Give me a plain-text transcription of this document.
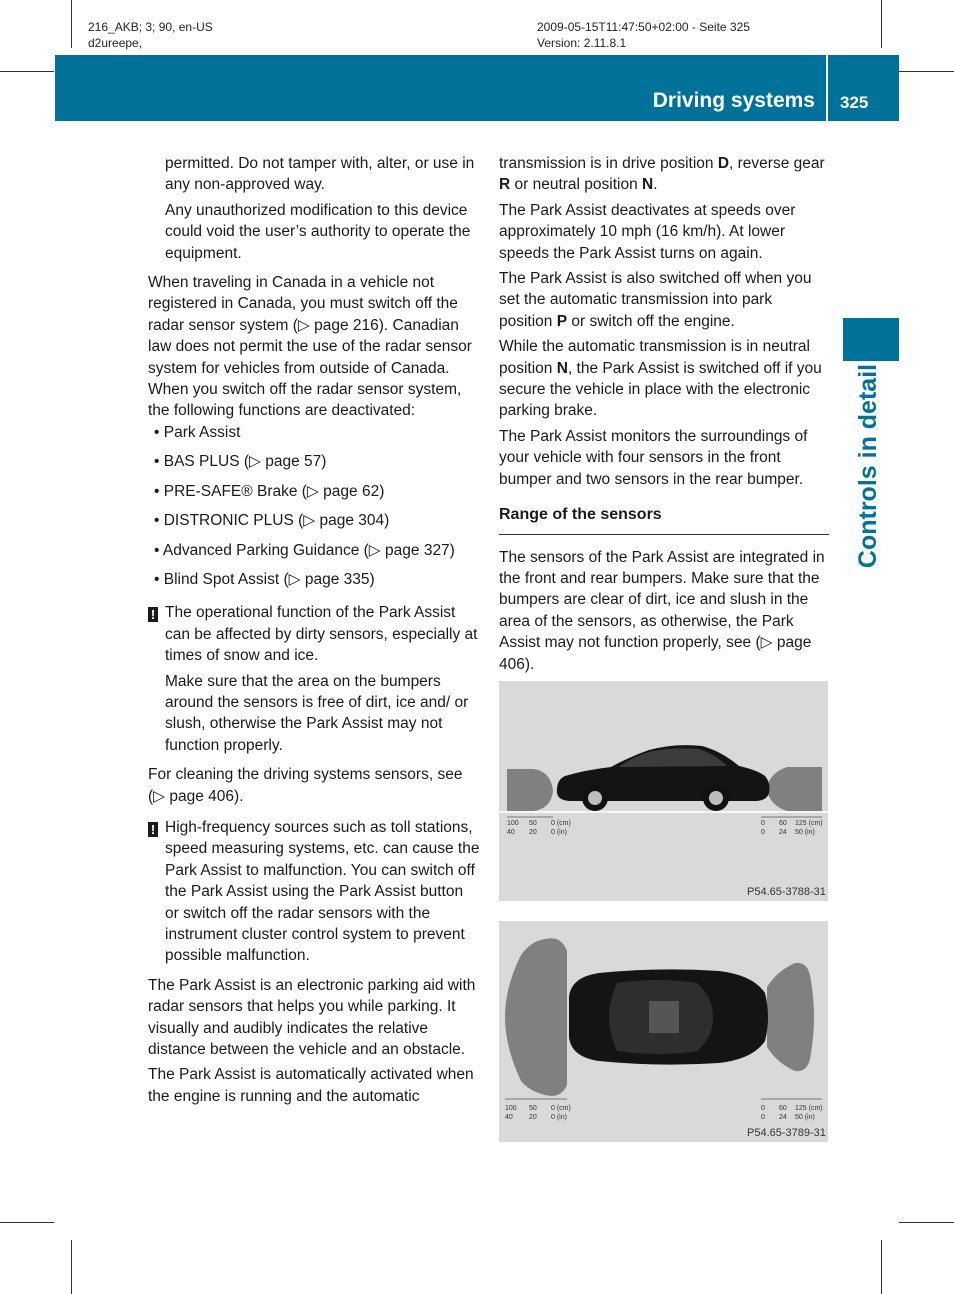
216_AKB; 3; 90, en-US
d2ureepe,
2009-05-15T11:47:50+02:00 - Seite 325
Version: 2.11.8.1
Driving systems 325
Controls in detail

permitted. Do not tamper with, alter, or use in any non-approved way.

Any unauthorized modification to this device could void the user’s authority to operate the equipment.

When traveling in Canada in a vehicle not registered in Canada, you must switch off the radar sensor system (▷ page 216). Canadian law does not permit the use of the radar sensor system for vehicles from outside of Canada. When you switch off the radar sensor system, the following functions are deactivated:

• Park Assist

• BAS PLUS (▷ page 57)

• PRE-SAFE® Brake (▷ page 62)

• DISTRONIC PLUS (▷ page 304)

• Advanced Parking Guidance (▷ page 327)

• Blind Spot Assist (▷ page 335)

! The operational function of the Park Assist can be affected by dirty sensors, especially at times of snow and ice.

Make sure that the area on the bumpers around the sensors is free of dirt, ice and/ or slush, otherwise the Park Assist may not function properly.

For cleaning the driving systems sensors, see (▷ page 406).

! High-frequency sources such as toll stations, speed measuring systems, etc. can cause the Park Assist to malfunction. You can switch off the Park Assist using the Park Assist button or switch off the radar sensors with the instrument cluster control system to prevent possible malfunction.

The Park Assist is an electronic parking aid with radar sensors that helps you while parking. It visually and audibly indicates the relative distance between the vehicle and an obstacle.

The Park Assist is automatically activated when the engine is running and the automatic

transmission is in drive position D, reverse gear R or neutral position N.

The Park Assist deactivates at speeds over approximately 10 mph (16 km/h). At lower speeds the Park Assist turns on again.

The Park Assist is also switched off when you set the automatic transmission into park position P or switch off the engine.

While the automatic transmission is in neutral position N, the Park Assist is switched off if you secure the vehicle in place with the electronic parking brake.

The Park Assist monitors the surroundings of your vehicle with four sensors in the front bumper and two sensors in the rear bumper.

Range of the sensors

The sensors of the Park Assist are integrated in the front and rear bumpers. Make sure that the bumpers are clear of dirt, ice and slush in the area of the sensors, as otherwise, the Park Assist may not function properly, see (▷ page 406).

100 50 0 (cm)
40 20 0 (in)
0 60 125 (cm)
0 24 50 (in)
P54.65-3788-31
100 50 0 (cm)
40 20 0 (in)
0 60 125 (cm)
0 24 50 (in)
P54.65-3789-31
